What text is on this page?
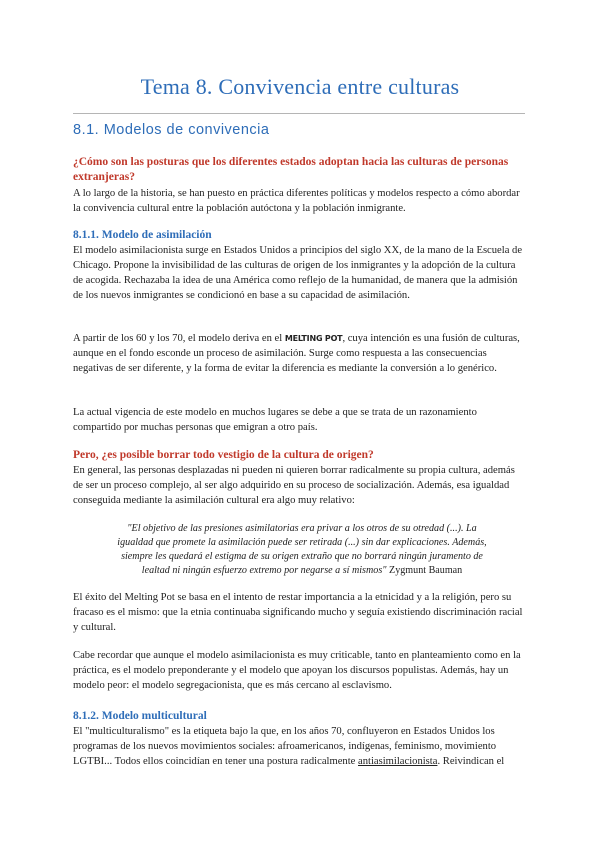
Tema 8. Convivencia entre culturas
8.1. Modelos de convivencia
¿Cómo son las posturas que los diferentes estados adoptan hacia las culturas de personas extranjeras?

A lo largo de la historia, se han puesto en práctica diferentes políticas y modelos respecto a cómo abordar la convivencia cultural entre la población autóctona y la población inmigrante.

8.1.1. Modelo de asimilación

El modelo asimilacionista surge en Estados Unidos a principios del siglo XX, de la mano de la Escuela de Chicago. Propone la invisibilidad de las culturas de origen de los inmigrantes y la adopción de la cultura de acogida. Rechazaba la idea de una América como reflejo de la humanidad, de manera que la admisión de los nuevos inmigrantes se condicionó en base a su capacidad de asimilación.

A partir de los 60 y los 70, el modelo deriva en el MELTING POT, cuya intención es una fusión de culturas, aunque en el fondo esconde un proceso de asimilación. Surge como respuesta a las consecuencias negativas de ser diferente, y la forma de evitar la diferencia es mediante la conversión a lo genérico.

La actual vigencia de este modelo en muchos lugares se debe a que se trata de un razonamiento compartido por muchas personas que emigran a otro país.

Pero, ¿es posible borrar todo vestigio de la cultura de origen?

En general, las personas desplazadas ni pueden ni quieren borrar radicalmente su propia cultura, además de ser un proceso complejo, al ser algo adquirido en su proceso de socialización. Además, esa igualdad conseguida mediante la asimilación cultural era algo muy relativo:

"El objetivo de las presiones asimilatorias era privar a los otros de su otredad (...). La igualdad que promete la asimilación puede ser retirada (...) sin dar explicaciones. Además, siempre les quedará el estigma de su origen extraño que no borrará ningún juramento de lealtad ni ningún esfuerzo extremo por negarse a sí mismos" Zygmunt Bauman

El éxito del Melting Pot se basa en el intento de restar importancia a la etnicidad y a la religión, pero su fracaso es el mismo: que la etnia continuaba significando mucho y seguía existiendo discriminación racial y cultural.

Cabe recordar que aunque el modelo asimilacionista es muy criticable, tanto en planteamiento como en la práctica, es el modelo preponderante y el modelo que apoyan los discursos populistas. Además, hay un modelo peor: el modelo segregacionista, que es más cercano al esclavismo.

8.1.2. Modelo multicultural

El "multiculturalismo" es la etiqueta bajo la que, en los años 70, confluyeron en Estados Unidos los programas de los nuevos movimientos sociales: afroamericanos, indígenas, feminismo, movimiento LGTBI... Todos ellos coincidían en tener una postura radicalmente antiasimilacionista. Reivindican el
